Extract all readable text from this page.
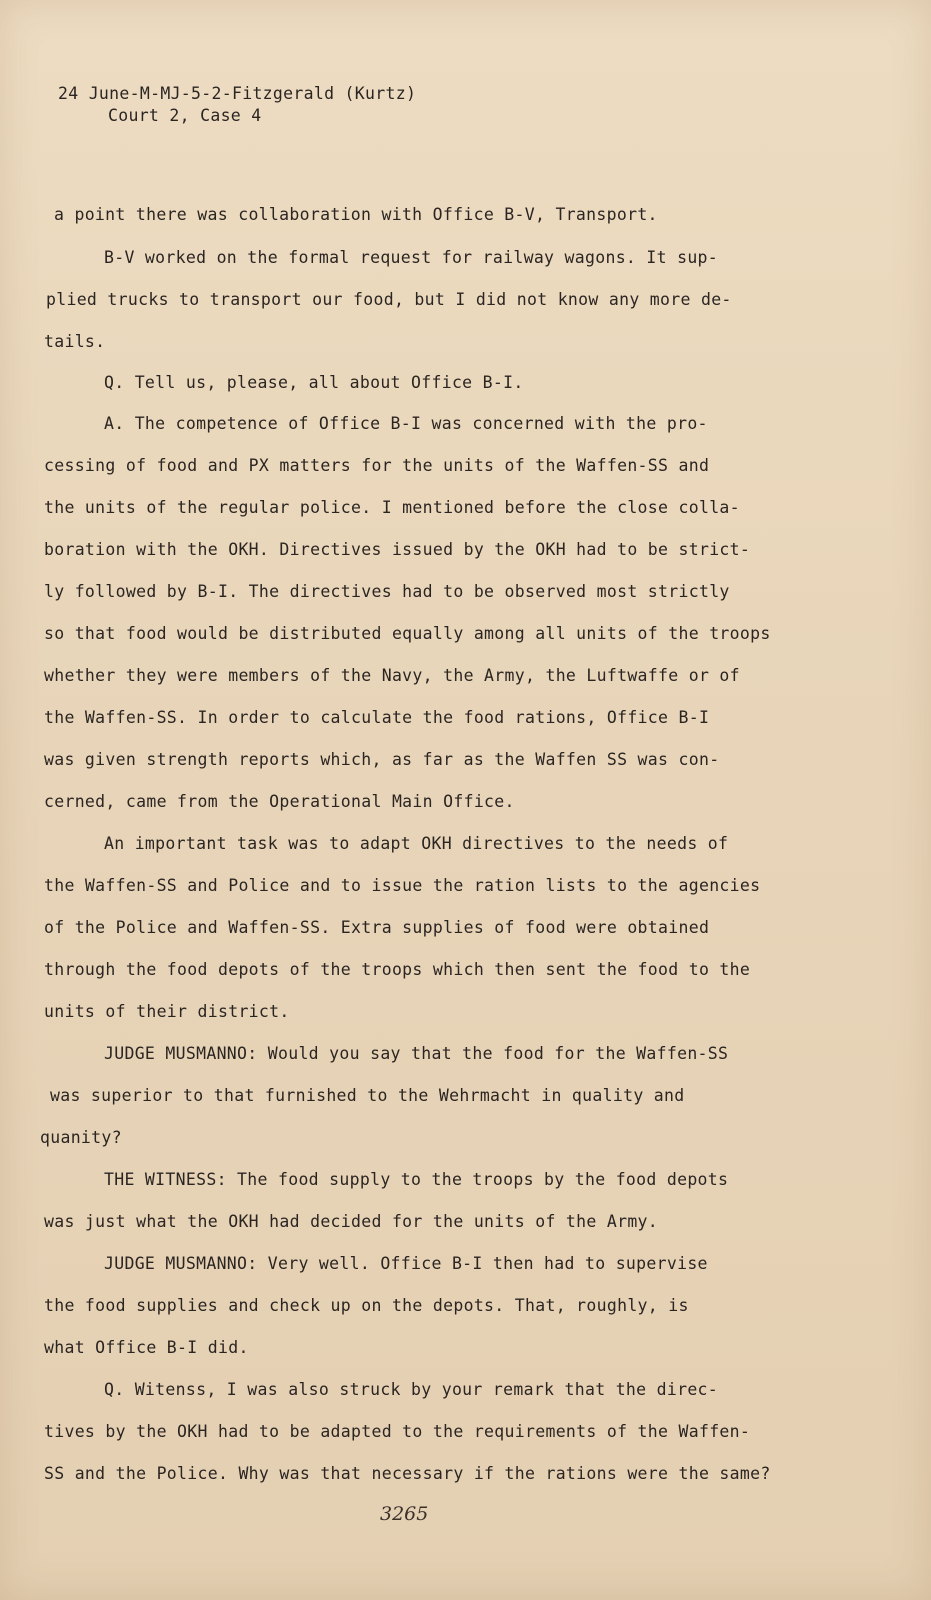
24 June-M-MJ-5-2-Fitzgerald (Kurtz)
Court 2, Case 4
a point there was collaboration with Office B-V, Transport.
B-V worked on the formal request for railway wagons. It sup-
plied trucks to transport our food, but I did not know any more de-
tails.
Q. Tell us, please, all about Office B-I.
A. The competence of Office B-I was concerned with the pro-
cessing of food and PX matters for the units of the Waffen-SS and
the units of the regular police. I mentioned before the close colla-
boration with the OKH. Directives issued by the OKH had to be strict-
ly followed by B-I. The directives had to be observed most strictly
so that food would be distributed equally among all units of the troops
whether they were members of the Navy, the Army, the Luftwaffe or of
the Waffen-SS. In order to calculate the food rations, Office B-I
was given strength reports which, as far as the Waffen SS was con-
cerned, came from the Operational Main Office.
An important task was to adapt OKH directives to the needs of
the Waffen-SS and Police and to issue the ration lists to the agencies
of the Police and Waffen-SS. Extra supplies of food were obtained
through the food depots of the troops which then sent the food to the
units of their district.
JUDGE MUSMANNO: Would you say that the food for the Waffen-SS
was superior to that furnished to the Wehrmacht in quality and
quanity?
THE WITNESS: The food supply to the troops by the food depots
was just what the OKH had decided for the units of the Army.
JUDGE MUSMANNO: Very well. Office B-I then had to supervise
the food supplies and check up on the depots. That, roughly, is
what Office B-I did.
Q. Witenss, I was also struck by your remark that the direc-
tives by the OKH had to be adapted to the requirements of the Waffen-
SS and the Police. Why was that necessary if the rations were the same?
3265
